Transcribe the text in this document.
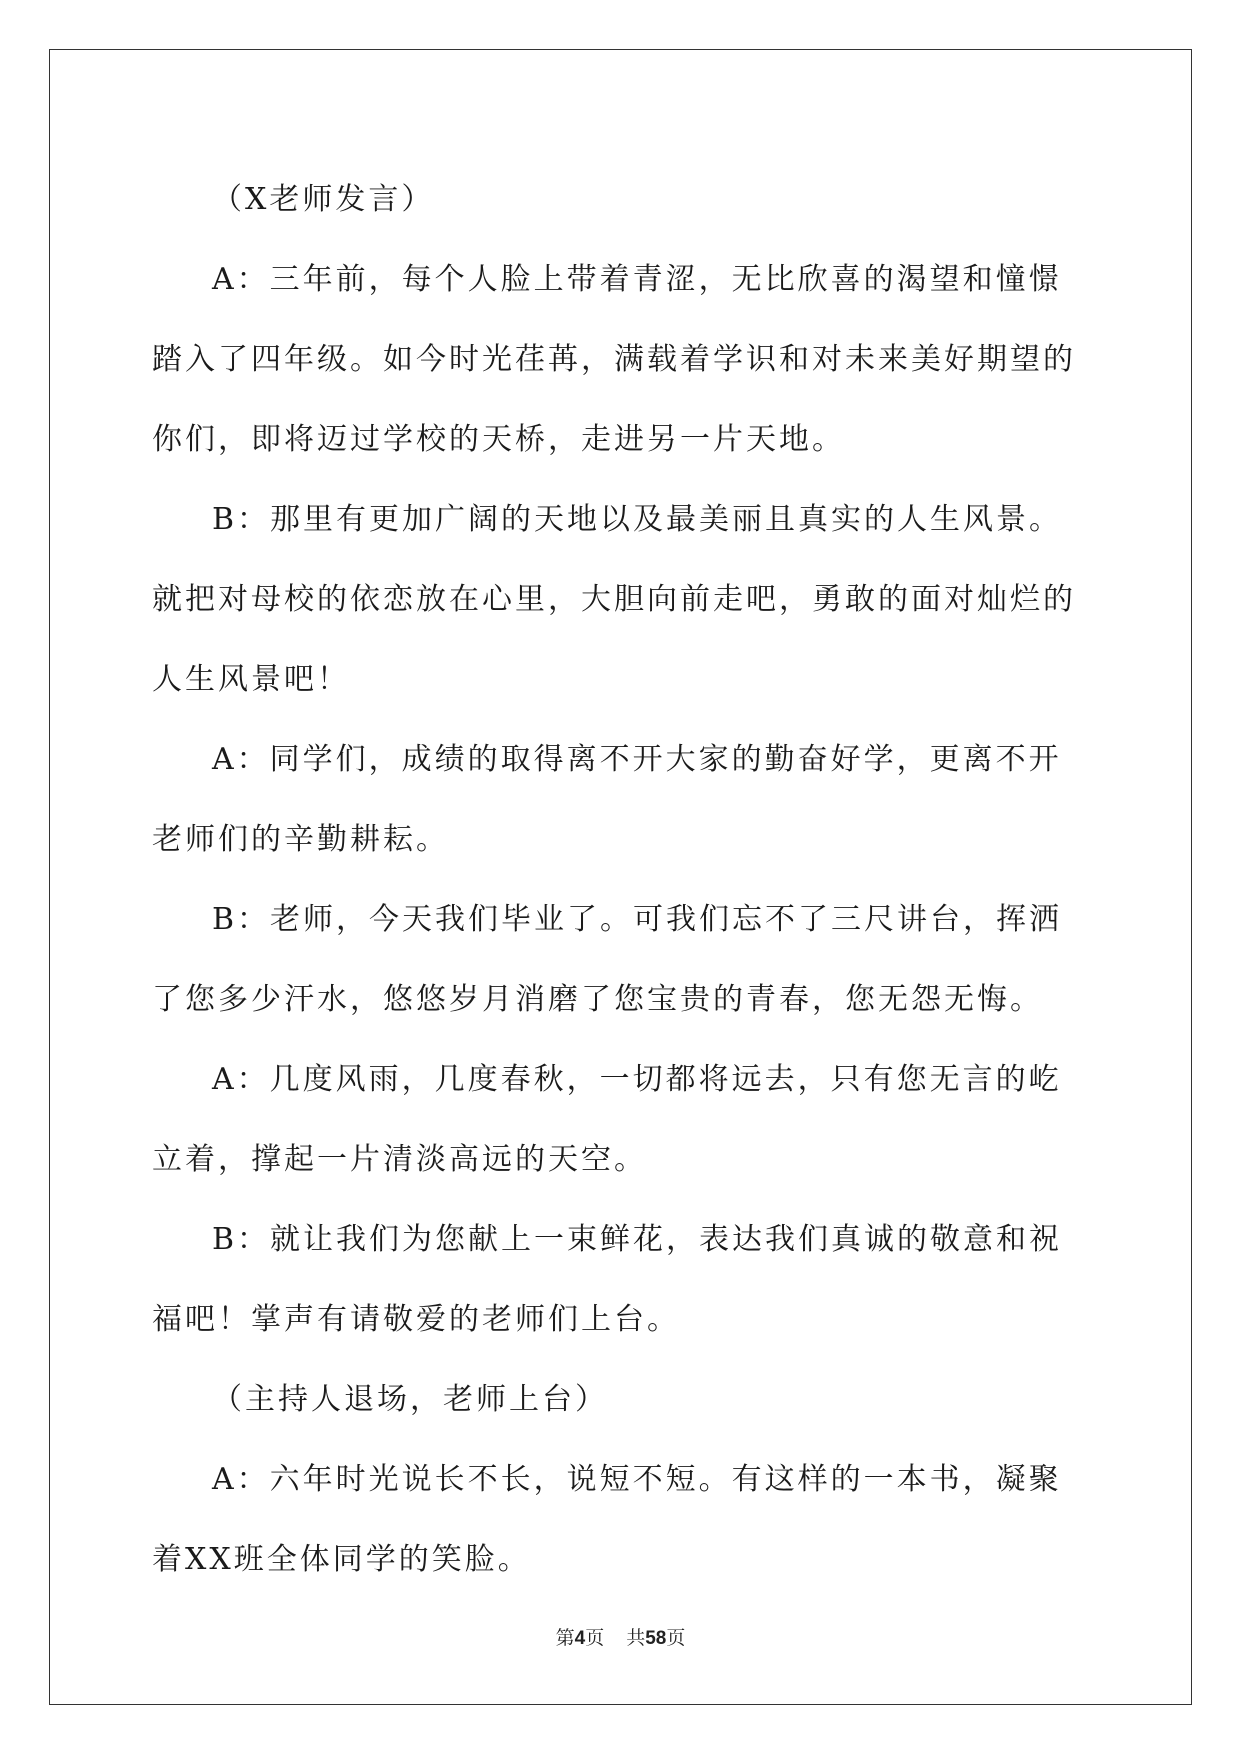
（X老师发言）

A：三年前，每个人脸上带着青涩，无比欣喜的渴望和憧憬踏入了四年级。如今时光荏苒，满载着学识和对未来美好期望的你们，即将迈过学校的天桥，走进另一片天地。

B：那里有更加广阔的天地以及最美丽且真实的人生风景。就把对母校的依恋放在心里，大胆向前走吧，勇敢的面对灿烂的人生风景吧！

A：同学们，成绩的取得离不开大家的勤奋好学，更离不开老师们的辛勤耕耘。

B：老师，今天我们毕业了。可我们忘不了三尺讲台，挥洒了您多少汗水，悠悠岁月消磨了您宝贵的青春，您无怨无悔。

A：几度风雨，几度春秋，一切都将远去，只有您无言的屹立着，撑起一片清淡高远的天空。

B：就让我们为您献上一束鲜花，表达我们真诚的敬意和祝福吧！掌声有请敬爱的老师们上台。

（主持人退场，老师上台）

A：六年时光说长不长，说短不短。有这样的一本书，凝聚着XX班全体同学的笑脸。

第4页 共58页
